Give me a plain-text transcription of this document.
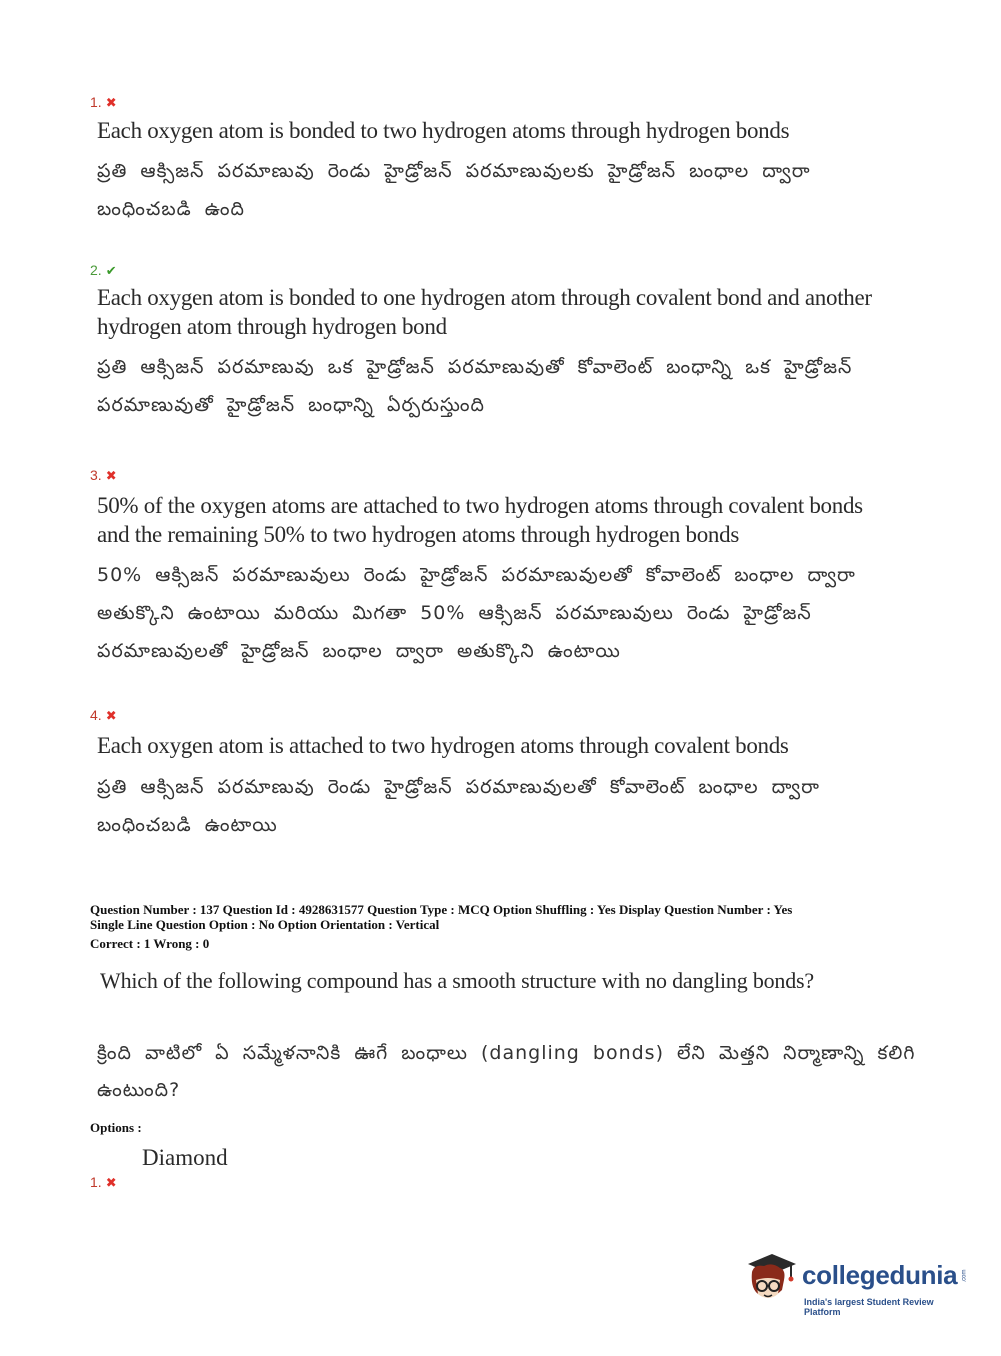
1. ✖
Each oxygen atom is bonded to two hydrogen atoms through hydrogen bonds
ప్రతి ఆక్సిజన్ పరమాణువు రెండు హైడ్రోజన్ పరమాణువులకు హైడ్రోజన్ బంధాల ద్వారా బంధించబడి ఉంది
2. ✔
Each oxygen atom is bonded to one hydrogen atom through covalent bond and another hydrogen atom through hydrogen bond
ప్రతి ఆక్సిజన్ పరమాణువు ఒక హైడ్రోజన్ పరమాణువుతో కోవాలెంట్ బంధాన్ని ఒక హైడ్రోజన్ పరమాణువుతో హైడ్రోజన్ బంధాన్ని ఏర్పరుస్తుంది
3. ✖
50% of the oxygen atoms are attached to two hydrogen atoms through covalent bonds and the remaining 50% to two hydrogen atoms through hydrogen bonds
50% ఆక్సిజన్ పరమాణువులు రెండు హైడ్రోజన్ పరమాణువులతో కోవాలెంట్ బంధాల ద్వారా అతుక్కొని ఉంటాయి మరియు మిగతా 50% ఆక్సిజన్ పరమాణువులు రెండు హైడ్రోజన్ పరమాణువులతో హైడ్రోజన్ బంధాల ద్వారా అతుక్కొని ఉంటాయి
4. ✖
Each oxygen atom is attached to two hydrogen atoms through covalent bonds
ప్రతి ఆక్సిజన్ పరమాణువు రెండు హైడ్రోజన్ పరమాణువులతో కోవాలెంట్ బంధాల ద్వారా బంధించబడి ఉంటాయి
Question Number : 137 Question Id : 4928631577 Question Type : MCQ Option Shuffling : Yes Display Question Number : Yes
Single Line Question Option : No Option Orientation : Vertical
Correct : 1 Wrong : 0
Which of the following compound has a smooth structure with no dangling bonds?
క్రింది వాటిలో ఏ సమ్మేళనానికి ఊగే బంధాలు (dangling bonds) లేని మెత్తని నిర్మాణాన్ని కలిగి ఉంటుంది?
Options :
Diamond
1. ✖
collegedunia .com
India's largest Student Review Platform
